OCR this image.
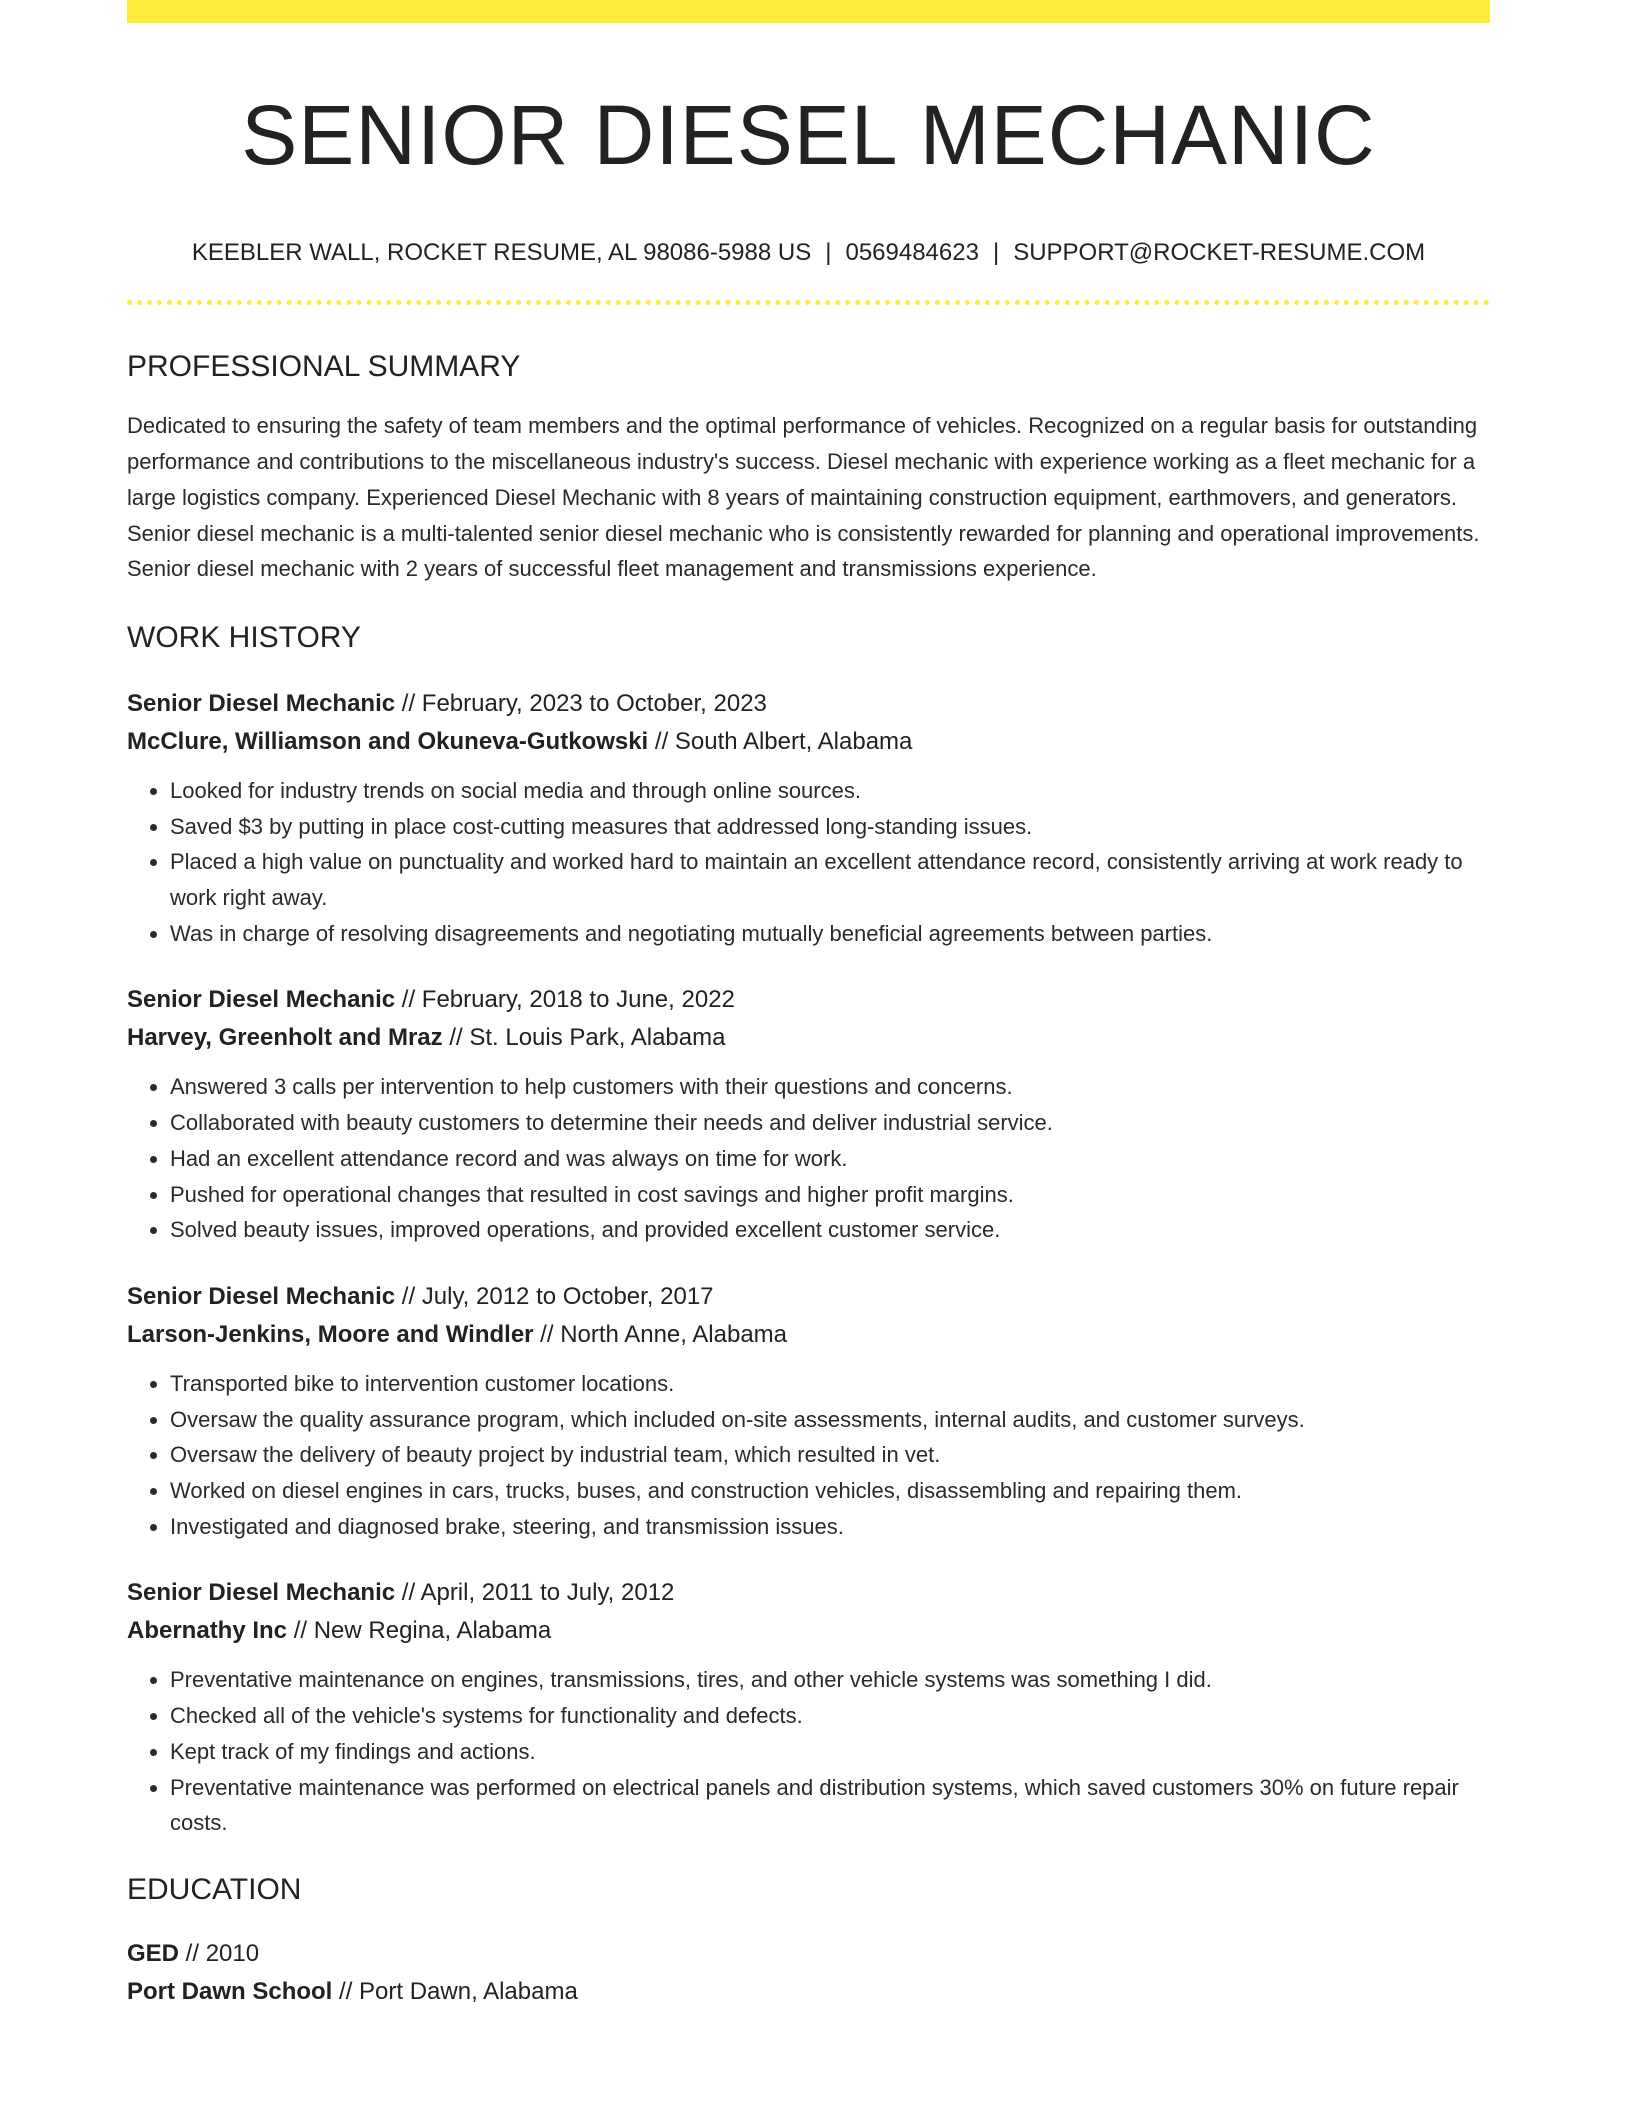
SENIOR DIESEL MECHANIC
KEEBLER WALL, ROCKET RESUME, AL 98086-5988 US | 0569484623 | SUPPORT@ROCKET-RESUME.COM
PROFESSIONAL SUMMARY

Dedicated to ensuring the safety of team members and the optimal performance of vehicles. Recognized on a regular basis for outstanding performance and contributions to the miscellaneous industry's success. Diesel mechanic with experience working as a fleet mechanic for a large logistics company. Experienced Diesel Mechanic with 8 years of maintaining construction equipment, earthmovers, and generators. Senior diesel mechanic is a multi-talented senior diesel mechanic who is consistently rewarded for planning and operational improvements. Senior diesel mechanic with 2 years of successful fleet management and transmissions experience.

WORK HISTORY
Senior Diesel Mechanic // February, 2023 to October, 2023
McClure, Williamson and Okuneva-Gutkowski // South Albert, Alabama
• Looked for industry trends on social media and through online sources.
• Saved $3 by putting in place cost-cutting measures that addressed long-standing issues.
• Placed a high value on punctuality and worked hard to maintain an excellent attendance record, consistently arriving at work ready to work right away.
• Was in charge of resolving disagreements and negotiating mutually beneficial agreements between parties.
Senior Diesel Mechanic // February, 2018 to June, 2022
Harvey, Greenholt and Mraz // St. Louis Park, Alabama
• Answered 3 calls per intervention to help customers with their questions and concerns.
• Collaborated with beauty customers to determine their needs and deliver industrial service.
• Had an excellent attendance record and was always on time for work.
• Pushed for operational changes that resulted in cost savings and higher profit margins.
• Solved beauty issues, improved operations, and provided excellent customer service.
Senior Diesel Mechanic // July, 2012 to October, 2017
Larson-Jenkins, Moore and Windler // North Anne, Alabama
• Transported bike to intervention customer locations.
• Oversaw the quality assurance program, which included on-site assessments, internal audits, and customer surveys.
• Oversaw the delivery of beauty project by industrial team, which resulted in vet.
• Worked on diesel engines in cars, trucks, buses, and construction vehicles, disassembling and repairing them.
• Investigated and diagnosed brake, steering, and transmission issues.
Senior Diesel Mechanic // April, 2011 to July, 2012
Abernathy Inc // New Regina, Alabama
• Preventative maintenance on engines, transmissions, tires, and other vehicle systems was something I did.
• Checked all of the vehicle's systems for functionality and defects.
• Kept track of my findings and actions.
• Preventative maintenance was performed on electrical panels and distribution systems, which saved customers 30% on future repair costs.
EDUCATION
GED // 2010
Port Dawn School // Port Dawn, Alabama
